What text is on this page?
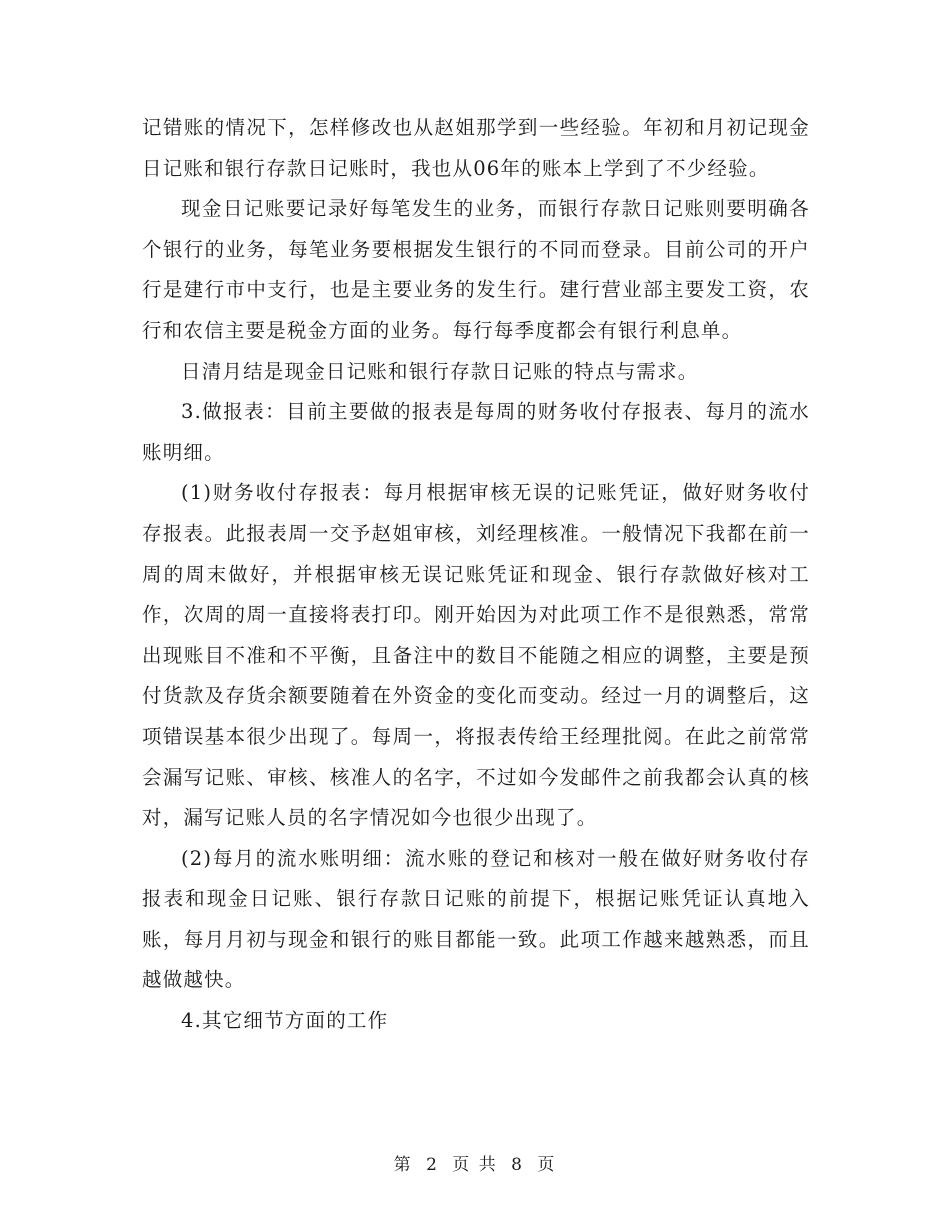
记错账的情况下，怎样修改也从赵姐那学到一些经验。年初和月初记现金日记账和银行存款日记账时，我也从06年的账本上学到了不少经验。

现金日记账要记录好每笔发生的业务，而银行存款日记账则要明确各个银行的业务，每笔业务要根据发生银行的不同而登录。目前公司的开户行是建行市中支行，也是主要业务的发生行。建行营业部主要发工资，农行和农信主要是税金方面的业务。每行每季度都会有银行利息单。

日清月结是现金日记账和银行存款日记账的特点与需求。

3.做报表：目前主要做的报表是每周的财务收付存报表、每月的流水账明细。

(1)财务收付存报表：每月根据审核无误的记账凭证，做好财务收付存报表。此报表周一交予赵姐审核，刘经理核准。一般情况下我都在前一周的周末做好，并根据审核无误记账凭证和现金、银行存款做好核对工作，次周的周一直接将表打印。刚开始因为对此项工作不是很熟悉，常常出现账目不准和不平衡，且备注中的数目不能随之相应的调整，主要是预付货款及存货余额要随着在外资金的变化而变动。经过一月的调整后，这项错误基本很少出现了。每周一，将报表传给王经理批阅。在此之前常常会漏写记账、审核、核准人的名字，不过如今发邮件之前我都会认真的核对，漏写记账人员的名字情况如今也很少出现了。

(2)每月的流水账明细：流水账的登记和核对一般在做好财务收付存报表和现金日记账、银行存款日记账的前提下，根据记账凭证认真地入账，每月月初与现金和银行的账目都能一致。此项工作越来越熟悉，而且越做越快。

4.其它细节方面的工作

第 2 页 共 8 页
